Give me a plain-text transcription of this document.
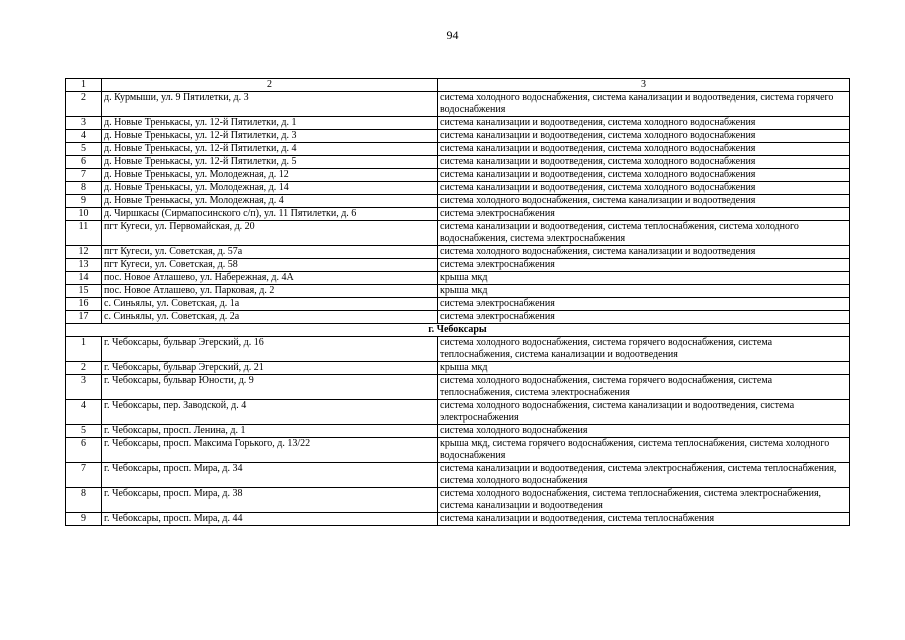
94
1	2	3
2	д. Курмыши, ул. 9 Пятилетки, д. 3	система холодного водоснабжения, система канализации и водоотведения, система горячего водоснабжения
3	д. Новые Тренькасы, ул. 12-й Пятилетки, д. 1	система канализации и водоотведения, система холодного водоснабжения
4	д. Новые Тренькасы, ул. 12-й Пятилетки, д. 3	система канализации и водоотведения, система холодного водоснабжения
5	д. Новые Тренькасы, ул. 12-й Пятилетки, д. 4	система канализации и водоотведения, система холодного водоснабжения
6	д. Новые Тренькасы, ул. 12-й Пятилетки, д. 5	система канализации и водоотведения, система холодного водоснабжения
7	д. Новые Тренькасы, ул. Молодежная, д. 12	система канализации и водоотведения, система холодного водоснабжения
8	д. Новые Тренькасы, ул. Молодежная, д. 14	система канализации и водоотведения, система холодного водоснабжения
9	д. Новые Тренькасы, ул. Молодежная, д. 4	система холодного водоснабжения, система канализации и водоотведения
10	д. Чиршкасы (Сирмапосинского с/п), ул. 11 Пятилетки, д. 6	система электроснабжения
11	пгт Кугеси, ул. Первомайская, д. 20	система канализации и водоотведения, система теплоснабжения, система холодного водоснабжения, система электроснабжения
12	пгт Кугеси, ул. Советская, д. 57а	система холодного водоснабжения, система канализации и водоотведения
13	пгт Кугеси, ул. Советская, д. 58	система электроснабжения
14	пос. Новое Атлашево, ул. Набережная, д. 4А	крыша мкд
15	пос. Новое Атлашево, ул. Парковая, д. 2	крыша мкд
16	с. Синьялы, ул. Советская, д. 1а	система электроснабжения
17	с. Синьялы, ул. Советская, д. 2а	система электроснабжения
г. Чебоксары		
1	г. Чебоксары, бульвар Эгерский, д. 16	система холодного водоснабжения, система горячего водоснабжения, система теплоснабжения, система канализации и водоотведения
2	г. Чебоксары, бульвар Эгерский, д. 21	крыша мкд
3	г. Чебоксары, бульвар Юности, д. 9	система холодного водоснабжения, система горячего водоснабжения, система теплоснабжения, система электроснабжения
4	г. Чебоксары, пер. Заводской, д. 4	система холодного водоснабжения, система канализации и водоотведения, система электроснабжения
5	г. Чебоксары, просп. Ленина, д. 1	система холодного водоснабжения
6	г. Чебоксары, просп. Максима Горького, д. 13/22	крыша мкд, система горячего водоснабжения, система теплоснабжения, система холодного водоснабжения
7	г. Чебоксары, просп. Мира, д. 34	система канализации и водоотведения, система электроснабжения, система теплоснабжения, система холодного водоснабжения
8	г. Чебоксары, просп. Мира, д. 38	система холодного водоснабжения, система теплоснабжения, система электроснабжения, система канализации и водоотведения
9	г. Чебоксары, просп. Мира, д. 44	система канализации и водоотведения, система теплоснабжения
